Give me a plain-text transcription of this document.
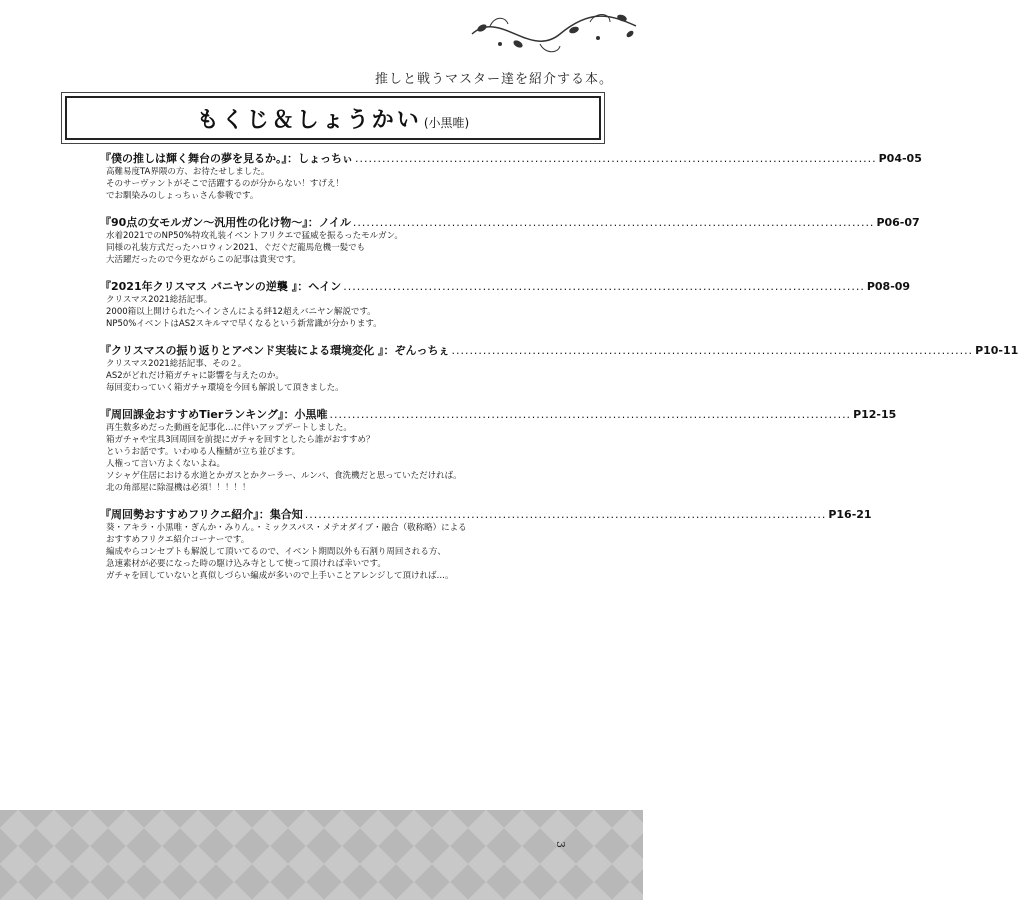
推しと戦うマスター達を紹介する本。
もくじ＆しょうかい (小黒唯)
『僕の推しは輝く舞台の夢を見るか。』：しょっちぃ .................................................................................................................... P04-05
高難易度TA界隈の方、お待たせしました。
そのサーヴァントがそこで活躍するのが分からない！すげえ！
でお馴染みのしょっちぃさん参戦です。
『90点の女モルガン〜汎用性の化け物〜』：ノイル .................................................................................................................... P06-07
水着2021でのNP50%特攻礼装イベントフリクエで猛威を振るったモルガン。
同様の礼装方式だったハロウィン2021、ぐだぐだ龍馬危機一髪でも
大活躍だったので今更ながらこの記事は貴実です。
『2021年クリスマス バニヤンの逆襲 』：ヘイン .................................................................................................................... P08-09
クリスマス2021総括記事。
2000箱以上開けられたヘインさんによる絆12超えバニヤン解説です。
NP50%イベントはAS2スキルマで早くなるという新常識が分かります。
『クリスマスの振り返りとアペンド実装による環境変化 』：ぞんっちぇ .................................................................................................................... P10-11
クリスマス2021総括記事、その２。
AS2がどれだけ箱ガチャに影響を与えたのか。
毎回変わっていく箱ガチャ環境を今回も解説して頂きました。
『周回課金おすすめTierランキング』：小黒唯 .................................................................................................................... P12-15
再生数多めだった動画を記事化…に伴いアップデートしました。
箱ガチャや宝具3回周回を前提にガチャを回すとしたら誰がおすすめ？
というお話です。いわゆる人権鯖が立ち並びます。
人権って言い方よくないよね。
ソシャゲ住居における水道とかガスとかクーラー、ルンバ、食洗機だと思っていただければ。
北の角部屋に除湿機は必須！！！！！
『周回勢おすすめフリクエ紹介』：集合知 .................................................................................................................... P16-21
葵・アキラ・小黒唯・ぎんか・みりん。・ミックスパス・メテオダイブ・融合（敬称略）による
おすすめフリクエ紹介コーナーです。
編成やらコンセプトも解説して頂いてるので、イベント期間以外も石割り周回される方、
急速素材が必要になった時の駆け込み寺として使って頂ければ幸いです。
ガチャを回していないと真似しづらい編成が多いので上手いことアレンジして頂ければ…。
3
